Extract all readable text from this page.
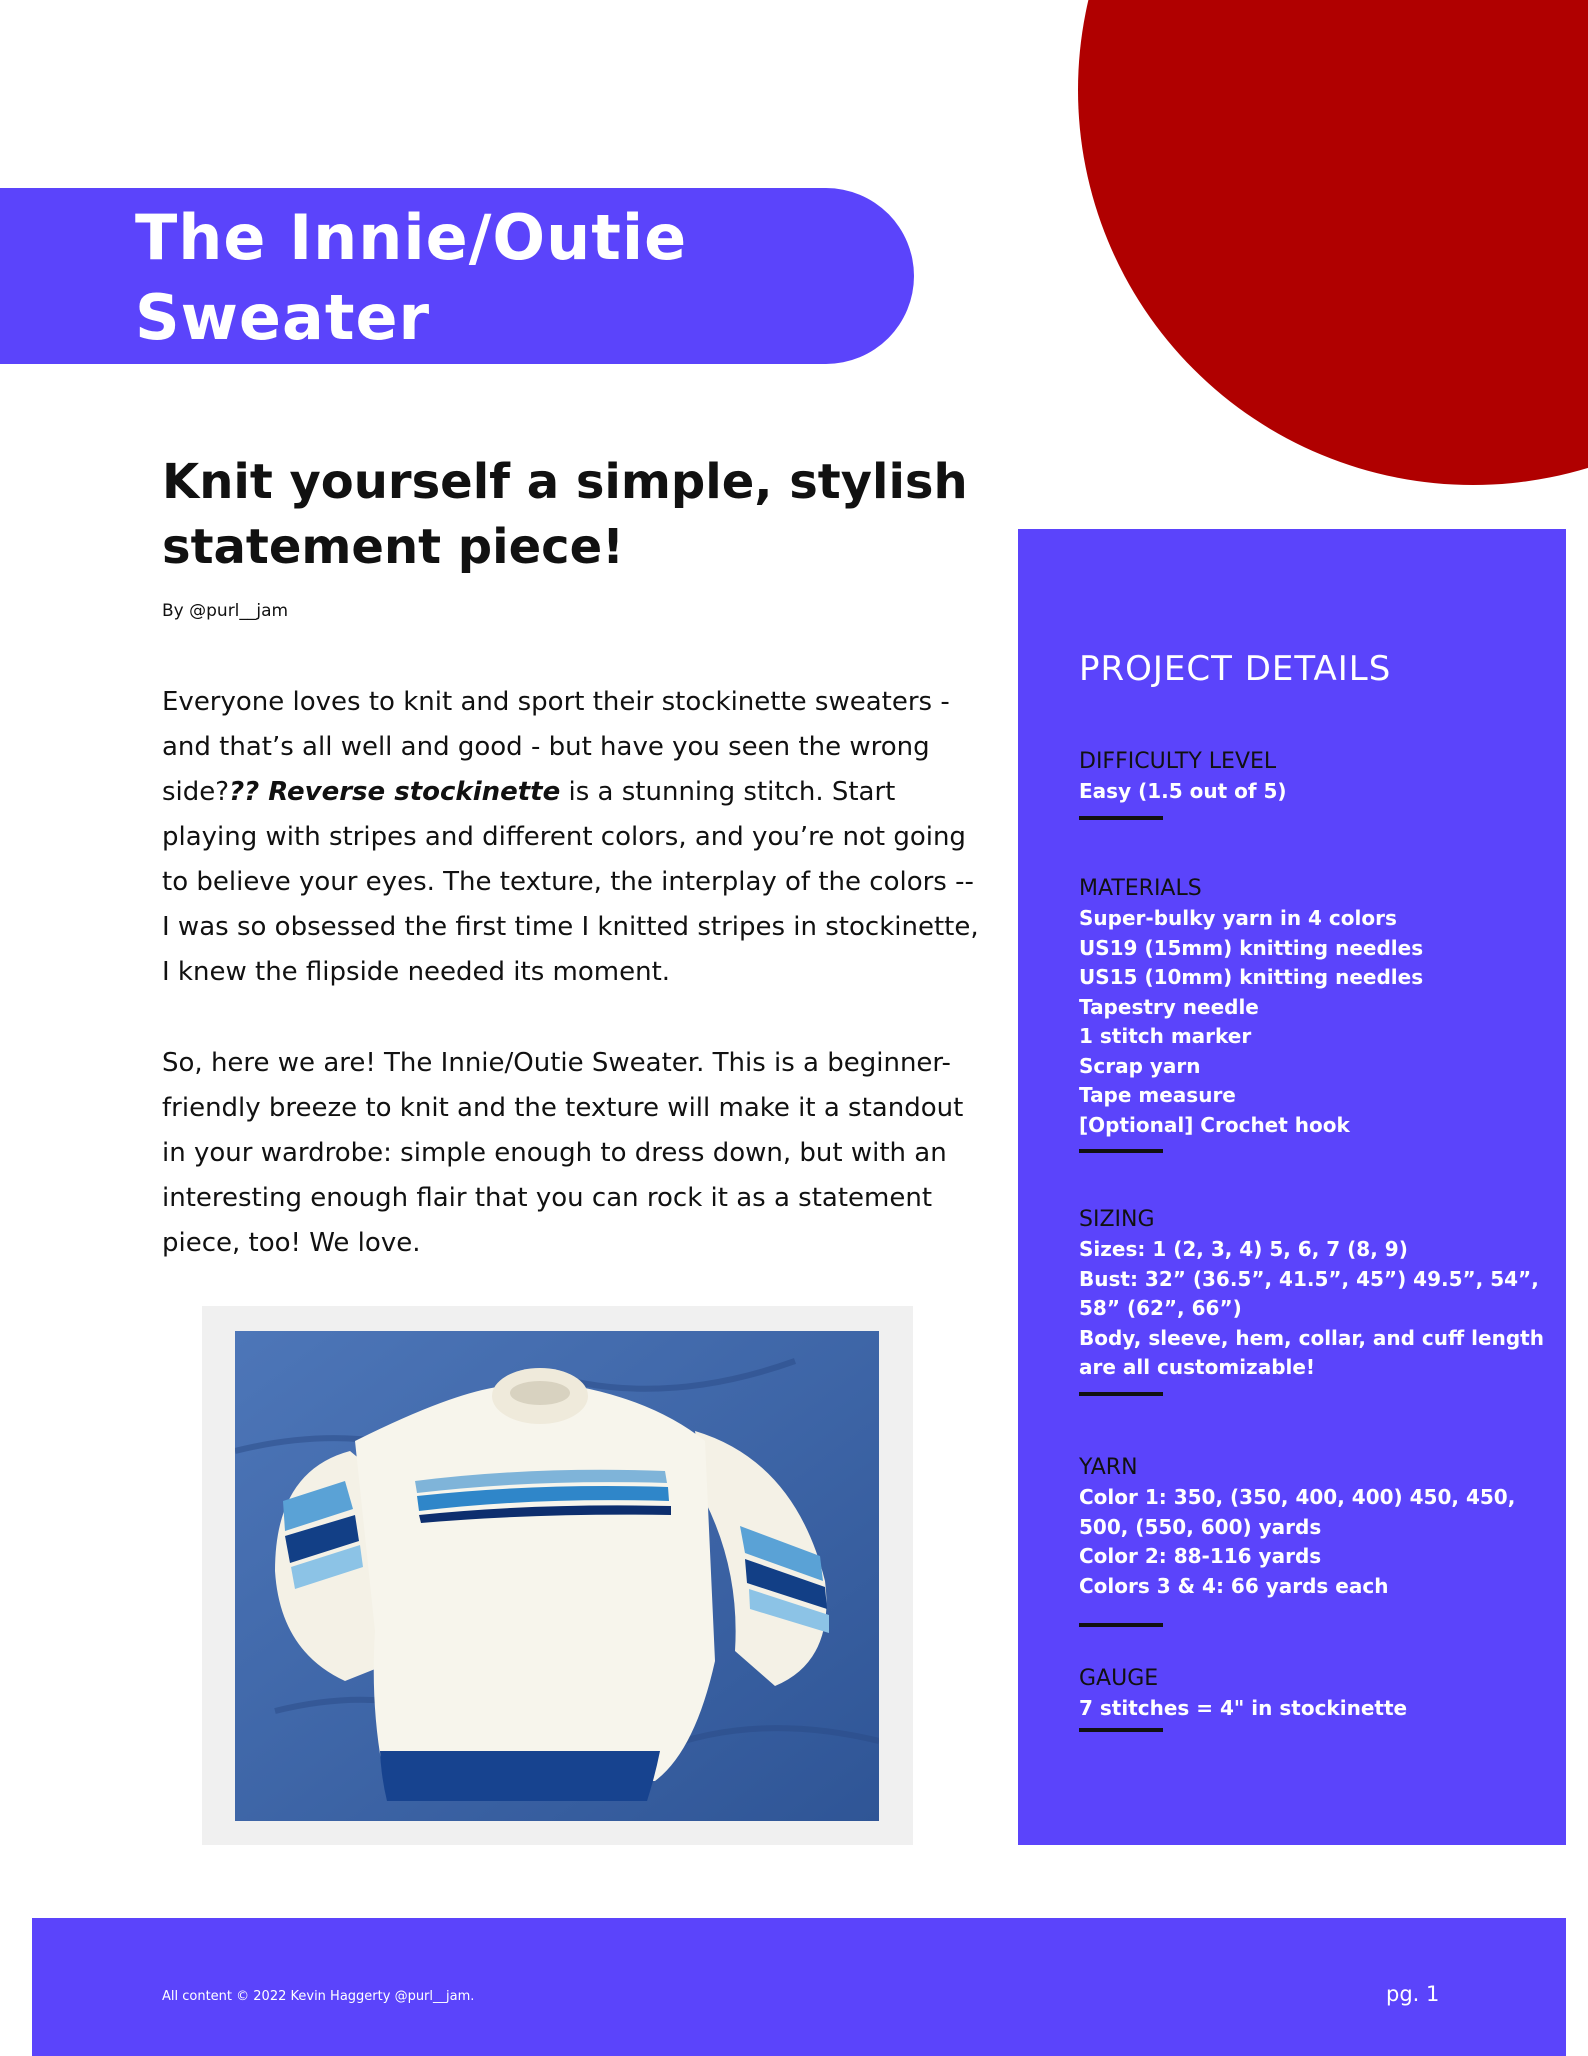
The Innie/Outie Sweater
Knit yourself a simple, stylish statement piece!
By @purl__jam

Everyone loves to knit and sport their stockinette sweaters - and that’s all well and good - but have you seen the wrong side??? Reverse stockinette is a stunning stitch. Start playing with stripes and different colors, and you’re not going to believe your eyes. The texture, the interplay of the colors -- I was so obsessed the first time I knitted stripes in stockinette, I knew the flipside needed its moment.

So, here we are! The Innie/Outie Sweater. This is a beginner-friendly breeze to knit and the texture will make it a standout in your wardrobe: simple enough to dress down, but with an interesting enough flair that you can rock it as a statement piece, too! We love.

PROJECT DETAILS
DIFFICULTY LEVEL
Easy (1.5 out of 5)
MATERIALS
Super-bulky yarn in 4 colors
US19 (15mm) knitting needles
US15 (10mm) knitting needles
Tapestry needle
1 stitch marker
Scrap yarn
Tape measure
[Optional] Crochet hook
SIZING
Sizes: 1 (2, 3, 4) 5, 6, 7 (8, 9)
Bust: 32” (36.5”, 41.5”, 45”) 49.5”, 54”, 58” (62”, 66”)
Body, sleeve, hem, collar, and cuff length are all customizable!
YARN
Color 1: 350, (350, 400, 400) 450, 450, 500, (550, 600) yards
Color 2: 88-116 yards
Colors 3 & 4: 66 yards each
GAUGE
7 stitches = 4" in stockinette
All content © 2022 Kevin Haggerty @purl__jam.	pg. 1
